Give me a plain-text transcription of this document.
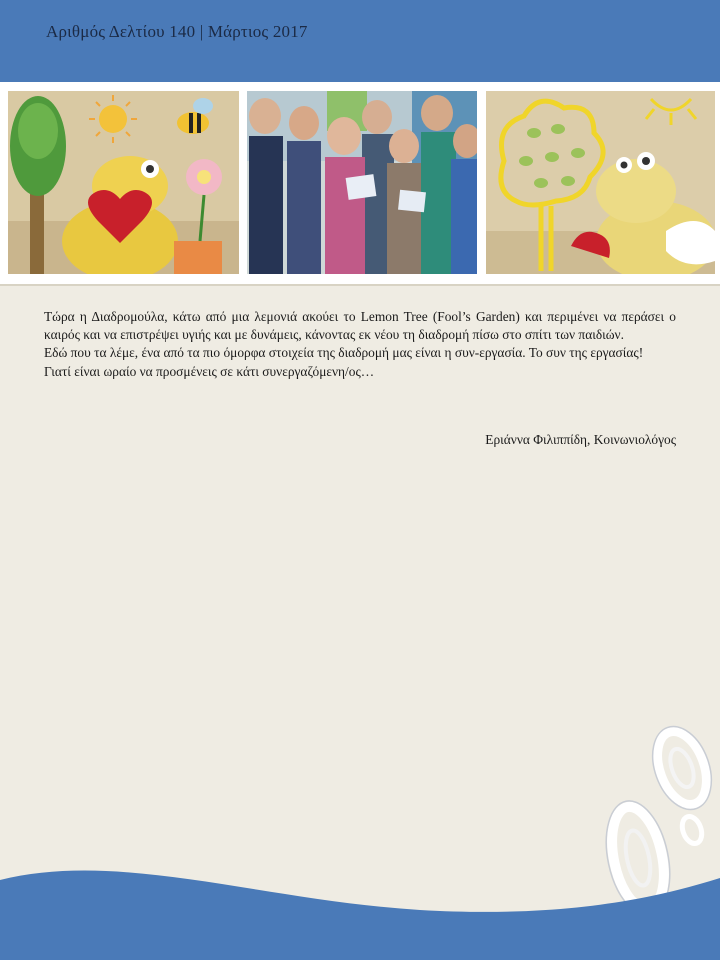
Αριθμός Δελτίου 140 | Μάρτιος 2017

Τώρα η Διαδρομούλα, κάτω από μια λεμονιά ακούει το Lemon Tree (Fool’s Garden) και περιμένει να περάσει ο καιρός και να επιστρέψει υγιής και με δυνάμεις, κάνοντας εκ νέου τη διαδρομή πίσω στο σπίτι των παιδιών.

Εδώ που τα λέμε, ένα από τα πιο όμορφα στοιχεία της διαδρομή μας είναι η συν-εργασία. Το συν της εργασίας!

Γιατί είναι ωραίο να προσμένεις σε κάτι συνεργαζόμενη/ος…

Εριάννα Φιλιππίδη, Κοινωνιολόγος
